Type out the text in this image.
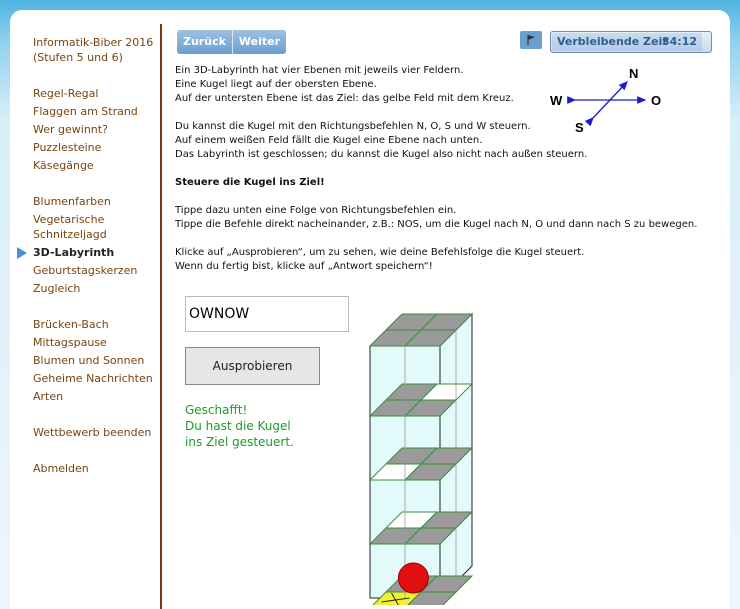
Informatik-Biber 2016
(Stufen 5 und 6)
Regel-Regal
Flaggen am Strand
Wer gewinnt?
Puzzlesteine
Käsegänge
Blumenfarben
Vegetarische
Schnitzeljagd
3D-Labyrinth
Geburtstagskerzen
Zugleich
Brücken-Bach
Mittagspause
Blumen und Sonnen
Geheime Nachrichten
Arten
Wettbewerb beenden
Abmelden
Zurück	Weiter	Verbleibende Zeit
34:12

Ein 3D-Labyrinth hat vier Ebenen mit jeweils vier Feldern.
Eine Kugel liegt auf der obersten Ebene.
Auf der untersten Ebene ist das Ziel: das gelbe Feld mit dem Kreuz.

Du kannst die Kugel mit den Richtungsbefehlen N, O, S und W steuern.
Auf einem weißen Feld fällt die Kugel eine Ebene nach unten.
Das Labyrinth ist geschlossen; du kannst die Kugel also nicht nach außen steuern.

Steuere die Kugel ins Ziel!

Tippe dazu unten eine Folge von Richtungsbefehlen ein.
Tippe die Befehle direkt nacheinander, z.B.: NOS, um die Kugel nach N, O und dann nach S zu bewegen.

Klicke auf „Ausprobieren“, um zu sehen, wie deine Befehlsfolge die Kugel steuert.
Wenn du fertig bist, klicke auf „Antwort speichern“!

N
O
S
W
OWNOW
Ausprobieren
Geschafft!
Du hast die Kugel
ins Ziel gesteuert.
